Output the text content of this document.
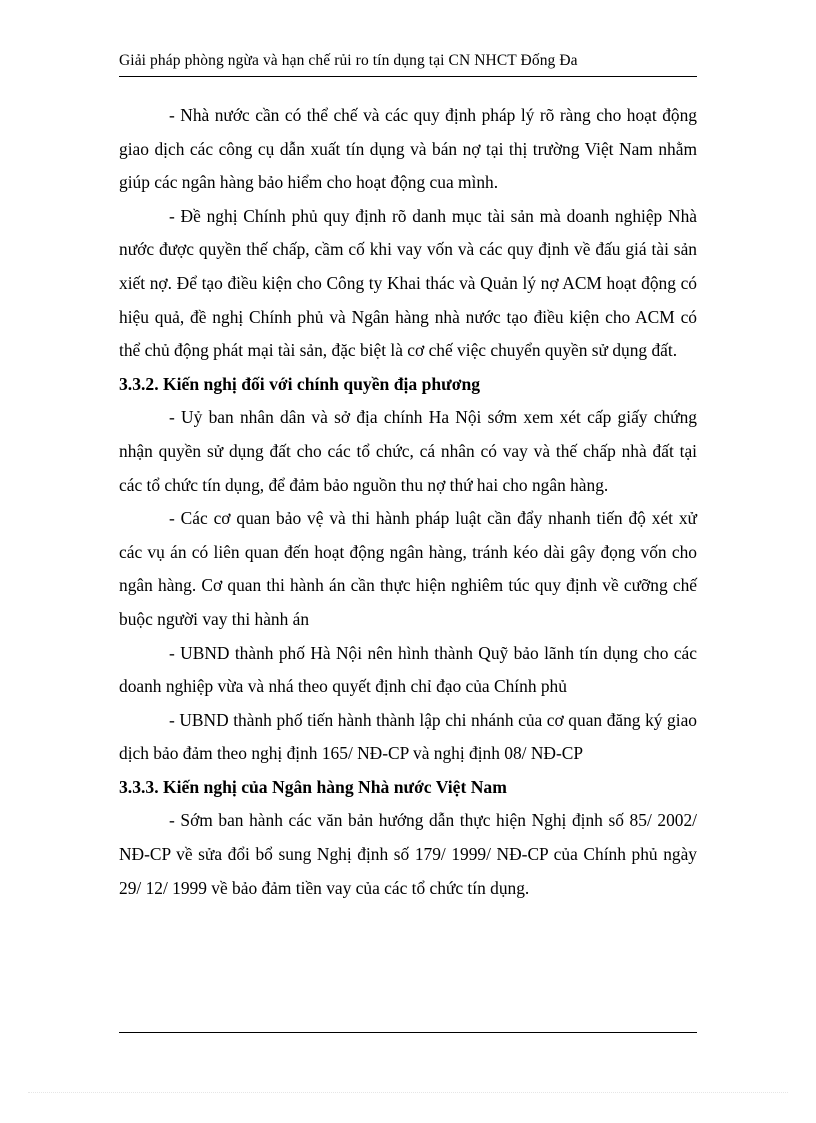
Giải pháp phòng ngừa và hạn chế rủi ro tín dụng tại CN NHCT Đống Đa

- Nhà nước cần có thể chế và các quy định pháp lý rõ ràng cho hoạt động giao dịch các công cụ dẫn xuất tín dụng và bán nợ tại thị trường Việt Nam nhằm giúp các ngân hàng bảo hiểm cho hoạt động cua mình.

- Đề nghị Chính phủ quy định rõ danh mục tài sản mà doanh nghiệp Nhà nước được quyền thế chấp, cầm cố khi vay vốn và các quy định về đấu giá tài sản xiết nợ. Để tạo điều kiện cho Công ty Khai thác và Quản lý nợ ACM hoạt động có hiệu quả, đề nghị Chính phủ và Ngân hàng nhà nước tạo điều kiện cho ACM có thể chủ động phát mại tài sản, đặc biệt là cơ chế việc chuyển quyền sử dụng đất.

3.3.2. Kiến nghị đối với chính quyền địa phương

- Uỷ ban nhân dân và sở địa chính Ha Nội sớm xem xét cấp giấy chứng nhận quyền sử dụng đất cho các tổ chức, cá nhân có vay và thế chấp nhà đất tại các tổ chức tín dụng, để đảm bảo nguồn thu nợ thứ hai cho ngân hàng.

- Các cơ quan bảo vệ và thi hành pháp luật cần đẩy nhanh tiến độ xét xử các vụ án có liên quan đến hoạt động ngân hàng, tránh kéo dài gây đọng vốn cho ngân hàng. Cơ quan thi hành án cần thực hiện nghiêm túc quy định về cưỡng chế buộc người vay thi hành án

- UBND thành phố Hà Nội nên hình thành Quỹ bảo lãnh tín dụng cho các doanh nghiệp vừa và nhá theo quyết định chỉ đạo của Chính phủ

- UBND thành phố tiến hành thành lập chi nhánh của cơ quan đăng ký giao dịch bảo đảm theo nghị định 165/ NĐ-CP và nghị định 08/ NĐ-CP

3.3.3. Kiến nghị của Ngân hàng Nhà nước Việt Nam

- Sớm ban hành các văn bản hướng dẫn thực hiện Nghị định số 85/ 2002/ NĐ-CP về sửa đổi bổ sung Nghị định số 179/ 1999/ NĐ-CP của Chính phủ ngày 29/ 12/ 1999 về bảo đảm tiền vay của các tổ chức tín dụng.
